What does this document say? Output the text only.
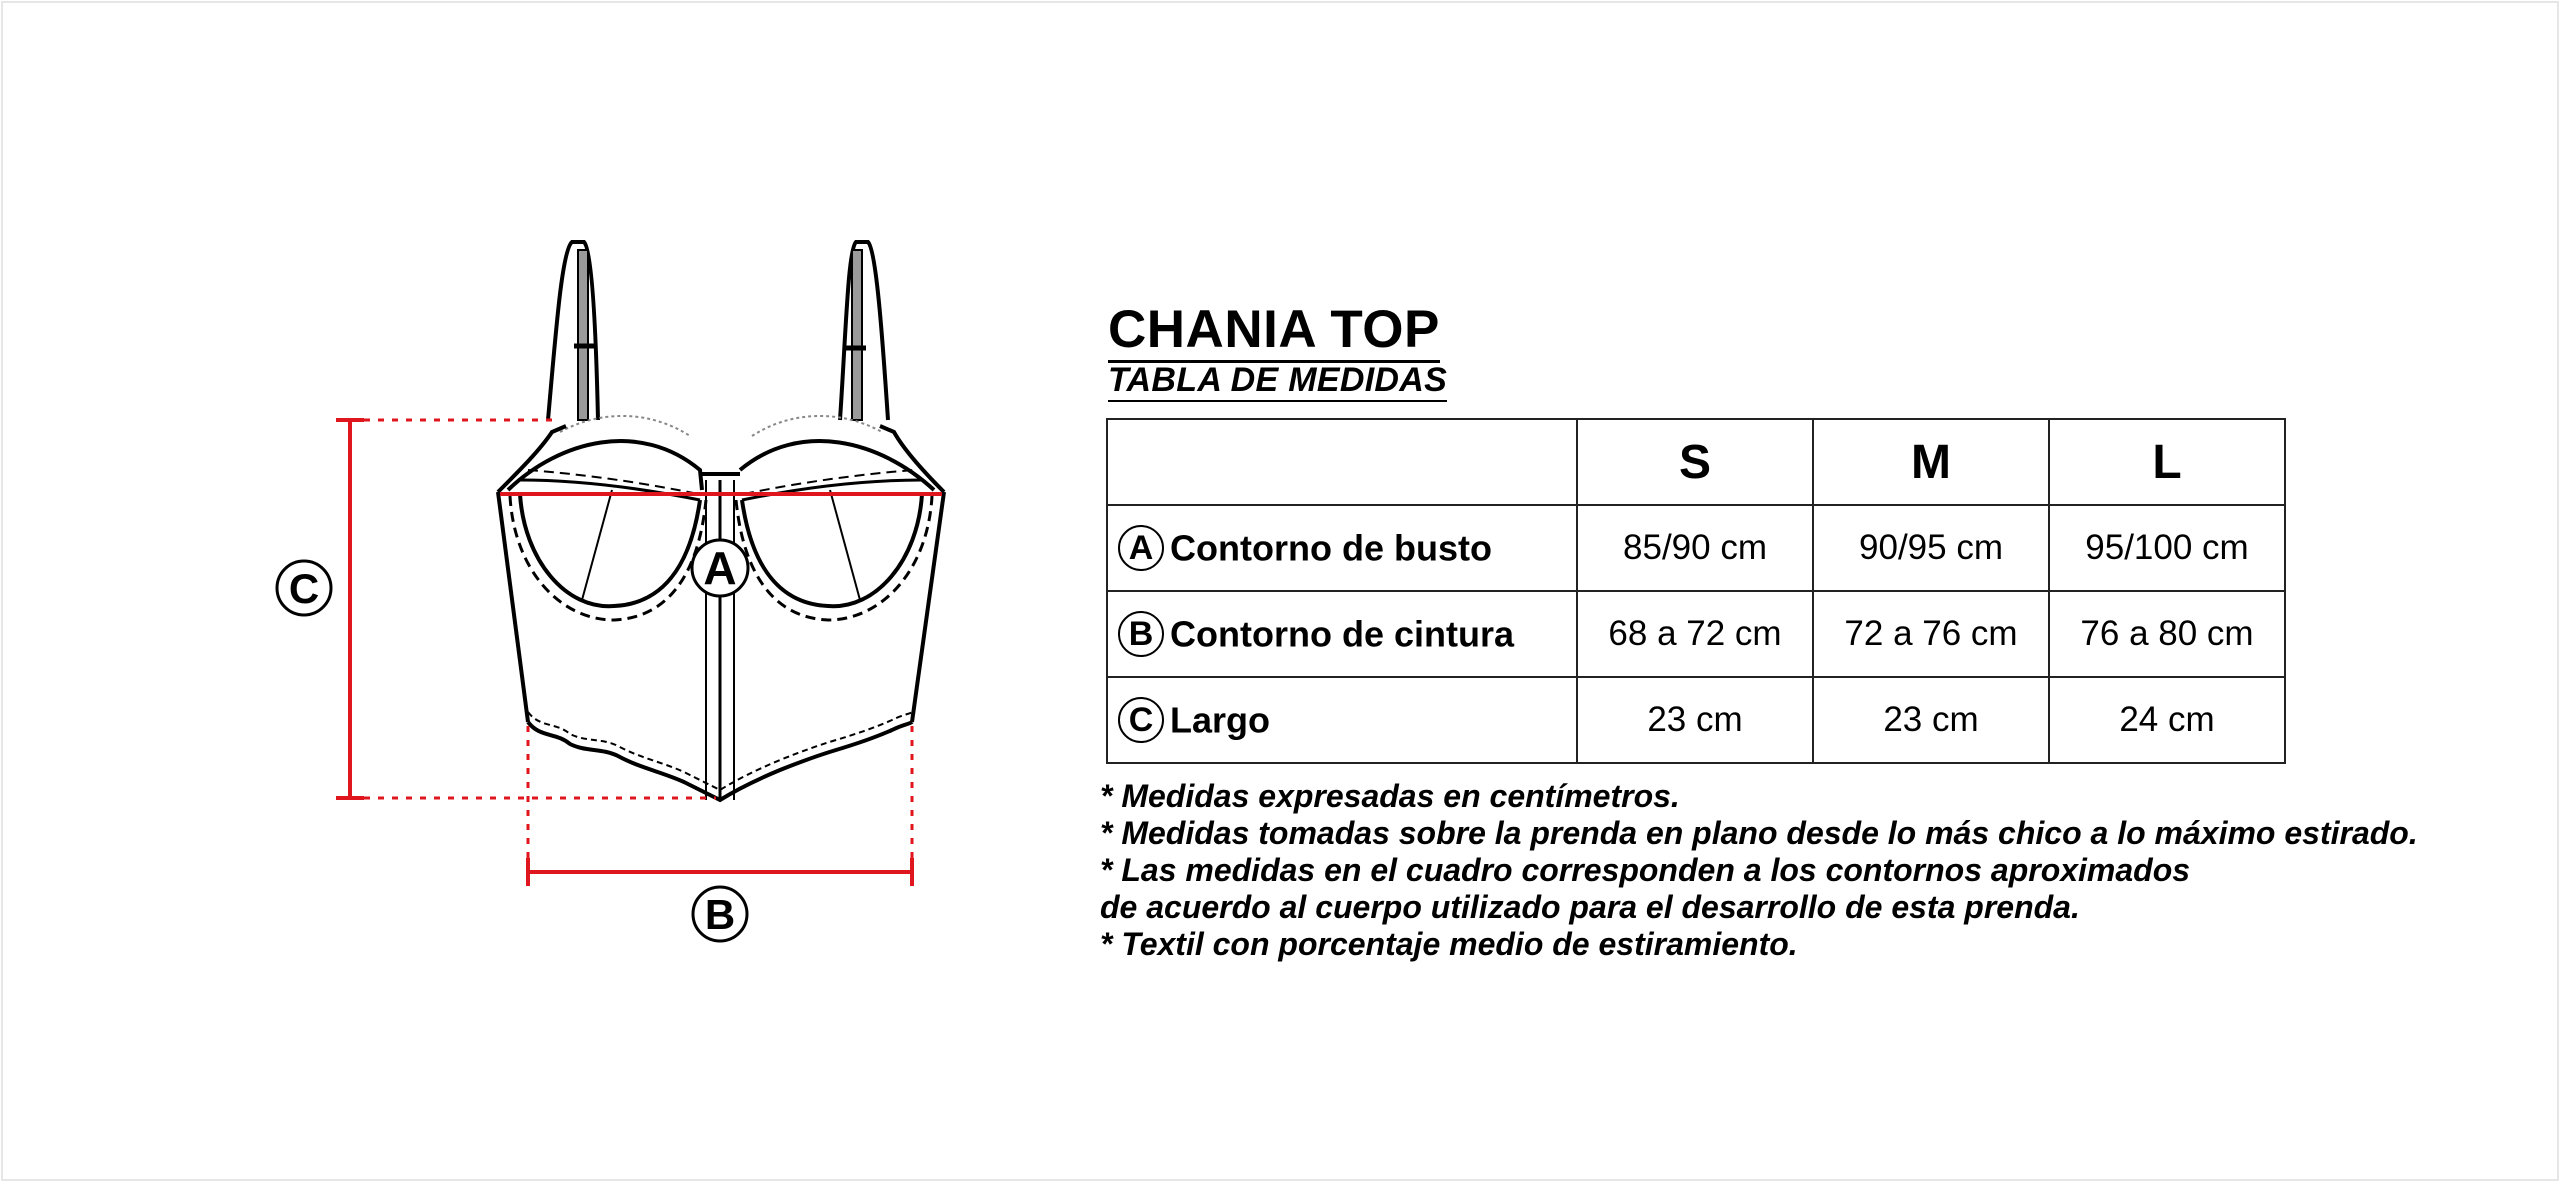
A
B
C
CHANIA TOP
TABLA DE MEDIDAS
	S	M	L
A Contorno de busto	85/90 cm	90/95 cm	95/100 cm
B Contorno de cintura	68 a 72 cm	72 a 76 cm	76 a 80 cm
C Largo	23 cm	23 cm	24 cm
* Medidas expresadas en centímetros.
* Medidas tomadas sobre la prenda en plano desde lo más chico a lo máximo estirado.
* Las medidas en el cuadro corresponden a los contornos aproximados
de acuerdo al cuerpo utilizado para el desarrollo de esta prenda.
* Textil con porcentaje medio de estiramiento.
